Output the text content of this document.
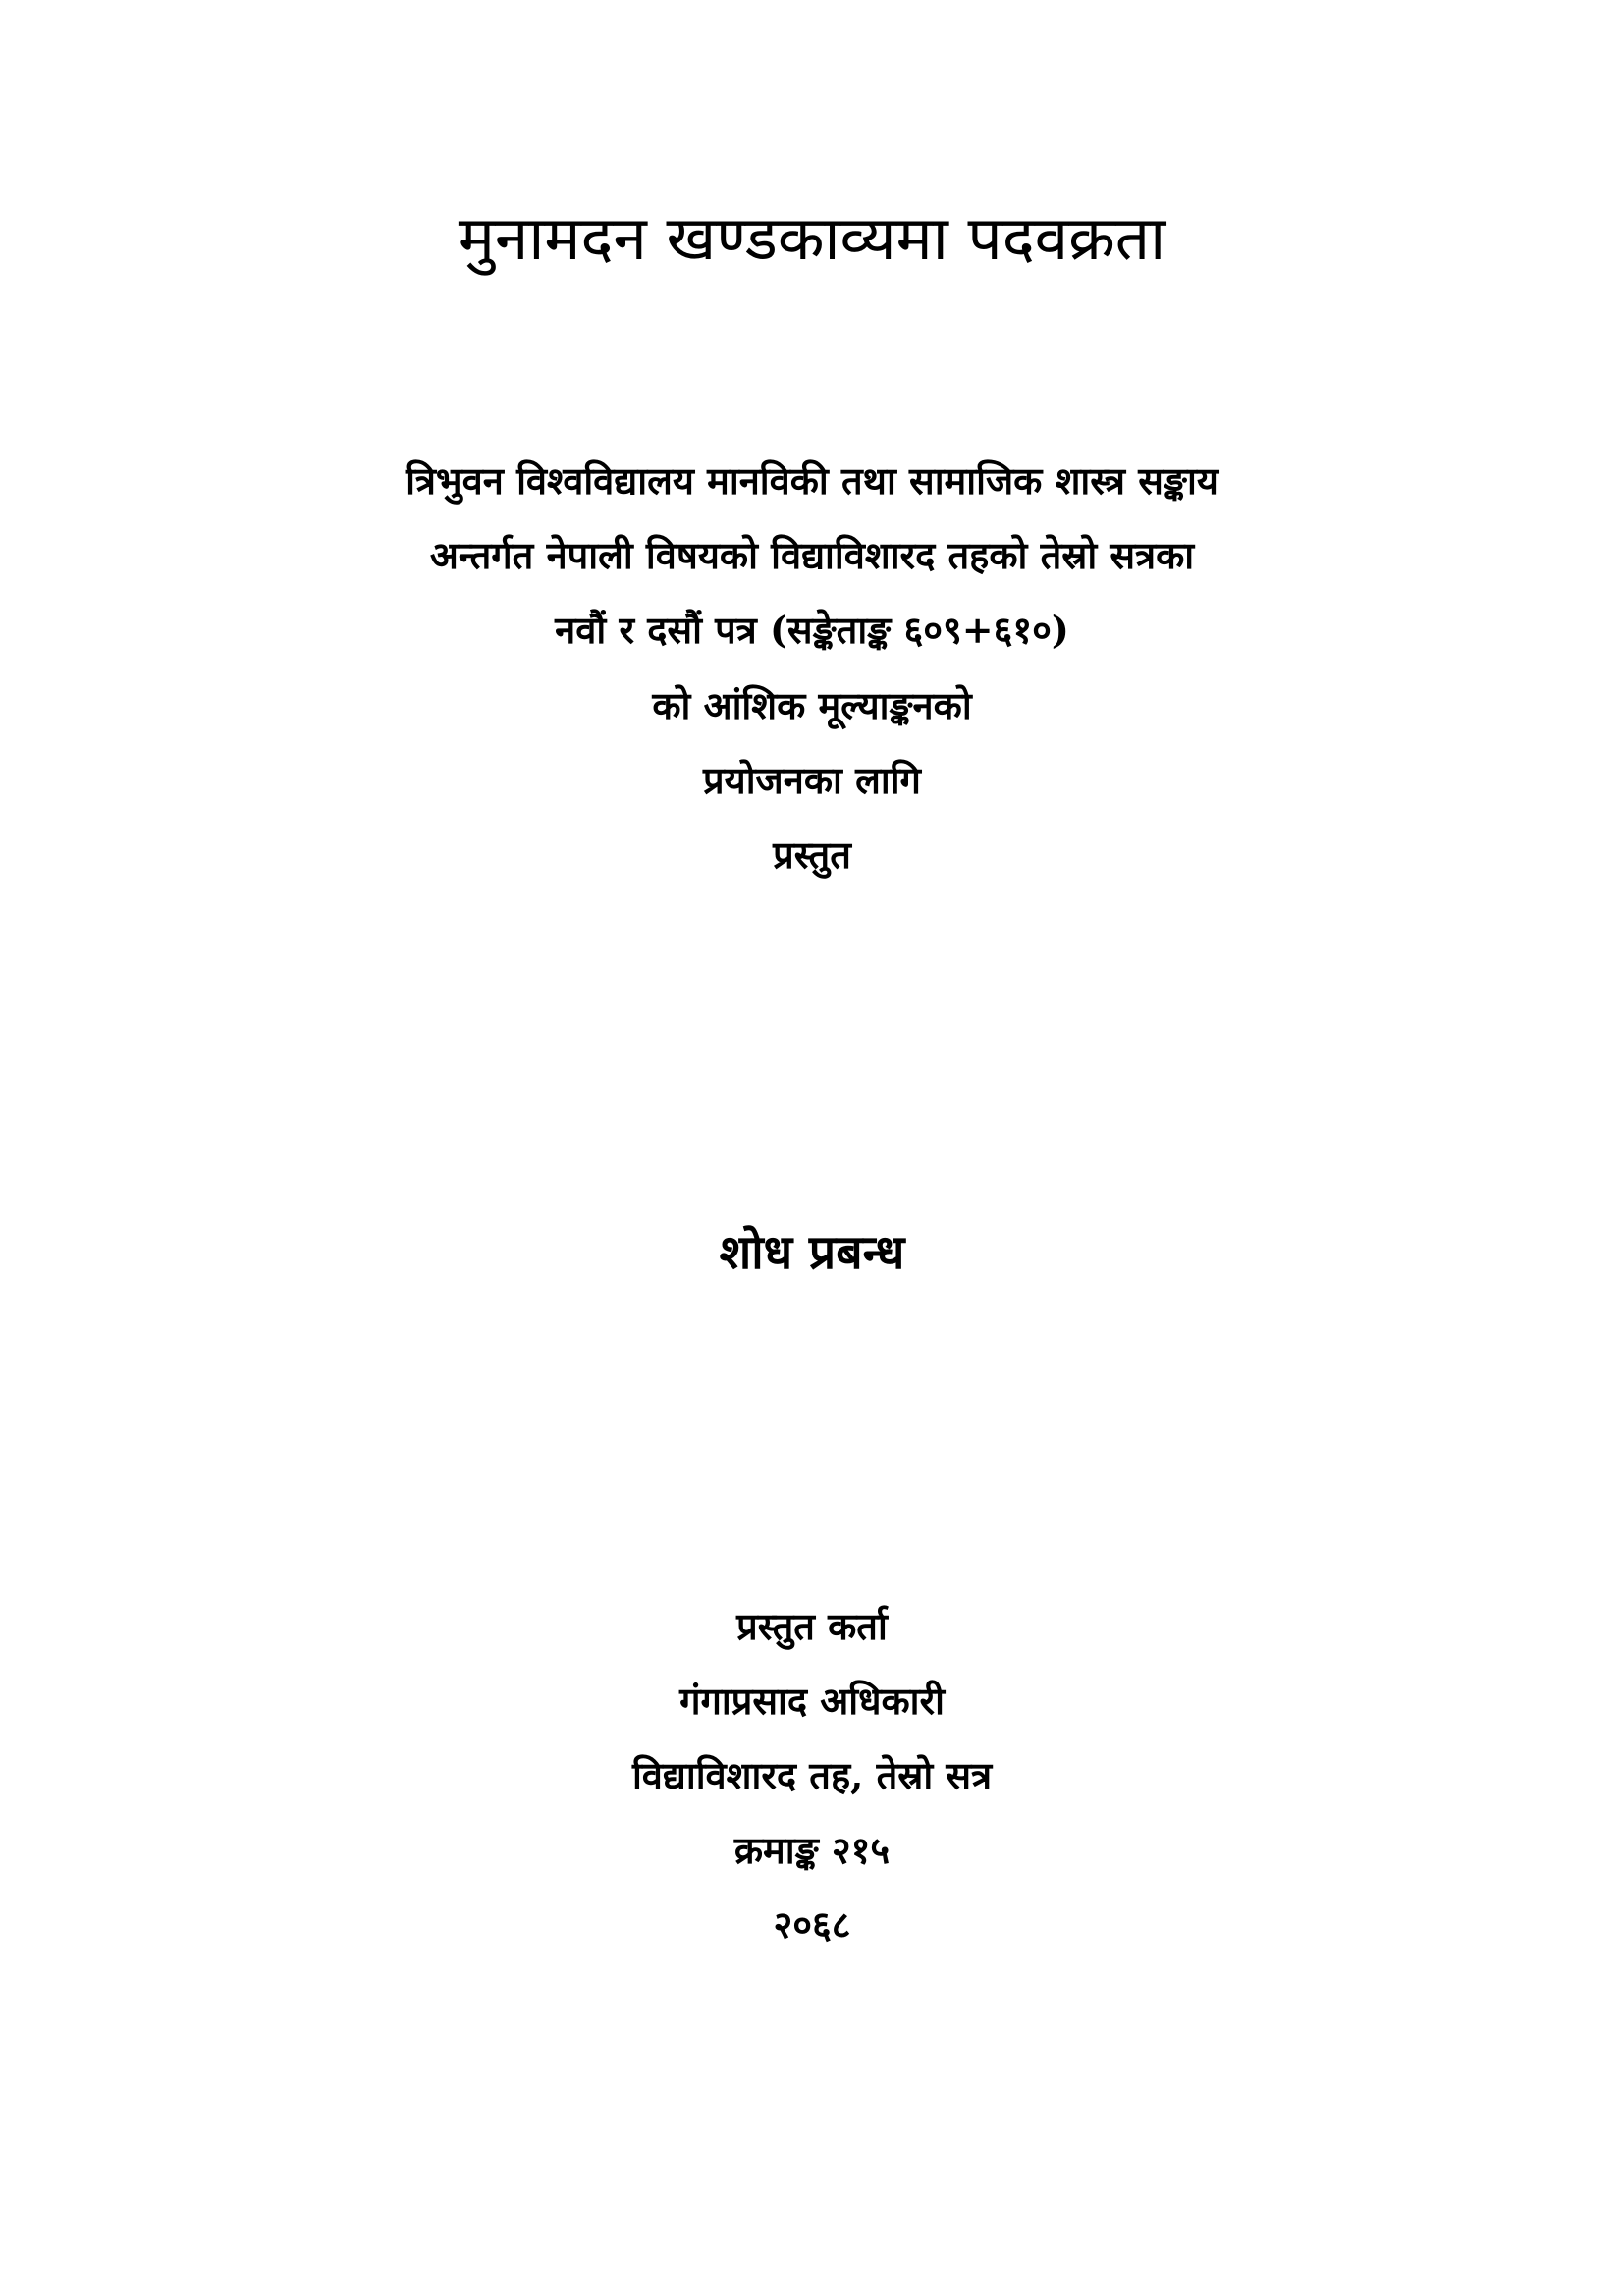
मुनामदन खण्डकाव्यमा पदवक्रता
त्रिभुवन विश्वविद्यालय मानविकी तथा सामाजिक शास्त्र सङ्काय
अन्तर्गत नेपाली विषयको विद्याविशारद तहको तेस्रो सत्रका
नवौं र दसौं पत्र (सङ्केताङ्क ६०९+६१०)
को आंशिक मूल्याङ्कनको
प्रयोजनका लागि
प्रस्तुत
शोध प्रबन्ध
प्रस्तुत कर्ता
गंगाप्रसाद अधिकारी
विद्याविशारद तह, तेस्रो सत्र
क्रमाङ्क २१५
२०६८
